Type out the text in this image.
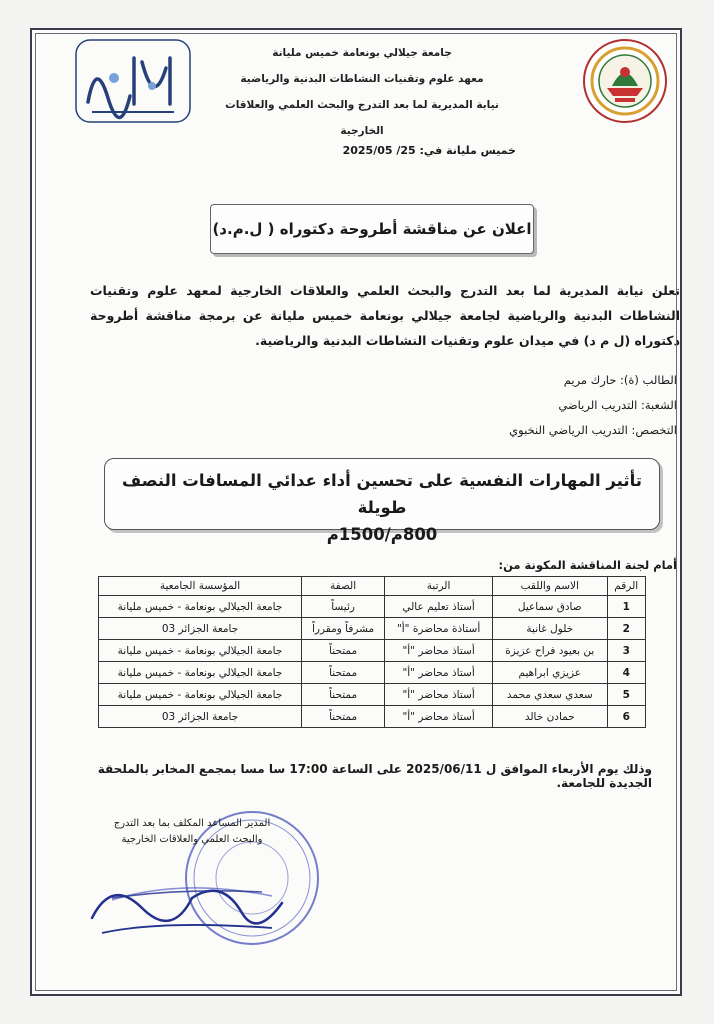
جامعة جيلالي بونعامة خميس مليانة
معهد علوم وتقنيات النشاطات البدنية والرياضية
نيابة المديرية لما بعد التدرج والبحث العلمي والعلاقات الخارجية
خميس مليانة في: 25/ 2025/05
اعلان عن مناقشة أطروحة دكتوراه ( ل.م.د)
تعلن نيابة المديرية لما بعد التدرج والبحث العلمي والعلاقات الخارجية لمعهد علوم وتقنيات النشاطات البدنية والرياضية لجامعة جيلالي بونعامة خميس مليانة عن برمجة مناقشة أطروحة دكتوراه (ل م د) في ميدان علوم وتقنيات النشاطات البدنية والرياضية.
الطالب (ة): حارك مريم
الشعبة: التدريب الرياضي
التخصص: التدريب الرياضي النخبوي
تأثير المهارات النفسية على تحسين أداء عدائي المسافات النصف طويلة
800م/1500م
أمام لجنة المناقشة المكونة من:
الرقم	الاسم واللقب	الرتبة	الصفة	المؤسسة الجامعية
1	صادق سماعيل	أستاذ تعليم عالي	رئيساً	جامعة الجيلالي بونعامة - خميس مليانة
2	خلول غانية	أستاذة محاضرة "أ"	مشرفاً ومقرراً	جامعة الجزائر 03
3	بن بعيود فراح عزيزة	أستاذ محاضر "أ"	ممتحناً	جامعة الجيلالي بونعامة - خميس مليانة
4	عزيزي ابراهيم	أستاذ محاضر "أ"	ممتحناً	جامعة الجيلالي بونعامة - خميس مليانة
5	سعدي سعدي محمد	أستاذ محاضر "أ"	ممتحناً	جامعة الجيلالي بونعامة - خميس مليانة
6	حمادن خالد	أستاذ محاضر "أ"	ممتحناً	جامعة الجزائر 03
وذلك يوم الأربعاء الموافق ل 2025/06/11 على الساعة 17:00 سا مسا بمجمع المخابر بالملحقة الجديدة للجامعة.
المدير المساعد المكلف بما بعد التدرج
والبحث العلمي والعلاقات الخارجية
